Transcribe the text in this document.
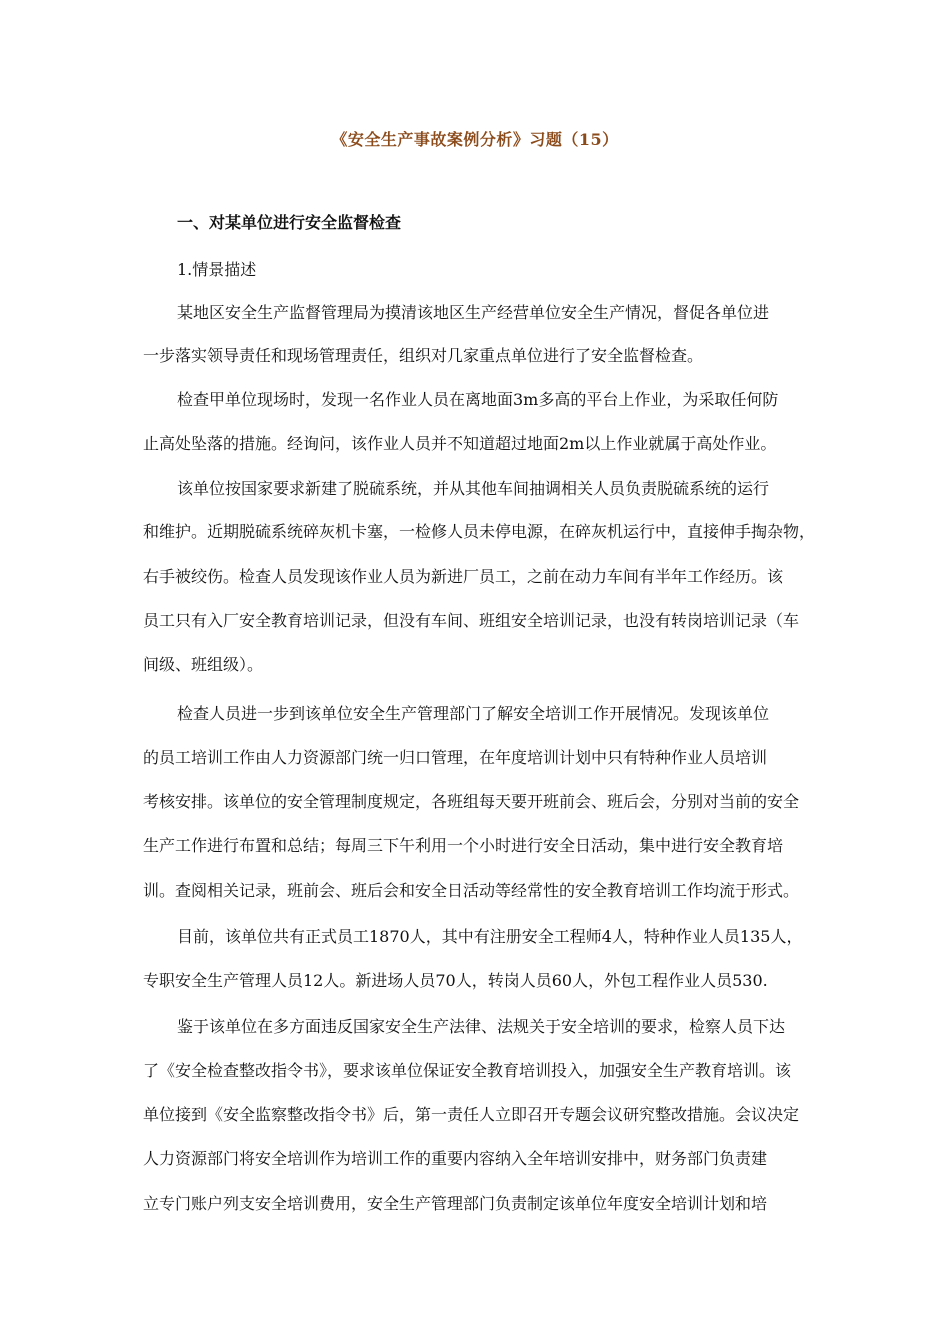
《安全生产事故案例分析》习题（15）
一、对某单位进行安全监督检查
1.情景描述
某地区安全生产监督管理局为摸清该地区生产经营单位安全生产情况，督促各单位进
一步落实领导责任和现场管理责任，组织对几家重点单位进行了安全监督检查。
检查甲单位现场时，发现一名作业人员在离地面3m多高的平台上作业，为采取任何防
止高处坠落的措施。经询问，该作业人员并不知道超过地面2m以上作业就属于高处作业。
该单位按国家要求新建了脱硫系统，并从其他车间抽调相关人员负责脱硫系统的运行
和维护。近期脱硫系统碎灰机卡塞，一检修人员未停电源，在碎灰机运行中，直接伸手掏杂物，
右手被绞伤。检查人员发现该作业人员为新进厂员工，之前在动力车间有半年工作经历。该
员工只有入厂安全教育培训记录，但没有车间、班组安全培训记录，也没有转岗培训记录（车
间级、班组级）。
检查人员进一步到该单位安全生产管理部门了解安全培训工作开展情况。发现该单位
的员工培训工作由人力资源部门统一归口管理，在年度培训计划中只有特种作业人员培训
考核安排。该单位的安全管理制度规定，各班组每天要开班前会、班后会，分别对当前的安全
生产工作进行布置和总结；每周三下午利用一个小时进行安全日活动，集中进行安全教育培
训。查阅相关记录，班前会、班后会和安全日活动等经常性的安全教育培训工作均流于形式。
目前，该单位共有正式员工1870人，其中有注册安全工程师4人，特种作业人员135人，
专职安全生产管理人员12人。新进场人员70人，转岗人员60人，外包工程作业人员530.
鉴于该单位在多方面违反国家安全生产法律、法规关于安全培训的要求，检察人员下达
了《安全检查整改指令书》，要求该单位保证安全教育培训投入，加强安全生产教育培训。该
单位接到《安全监察整改指令书》后，第一责任人立即召开专题会议研究整改措施。会议决定
人力资源部门将安全培训作为培训工作的重要内容纳入全年培训安排中，财务部门负责建
立专门账户列支安全培训费用，安全生产管理部门负责制定该单位年度安全培训计划和培
